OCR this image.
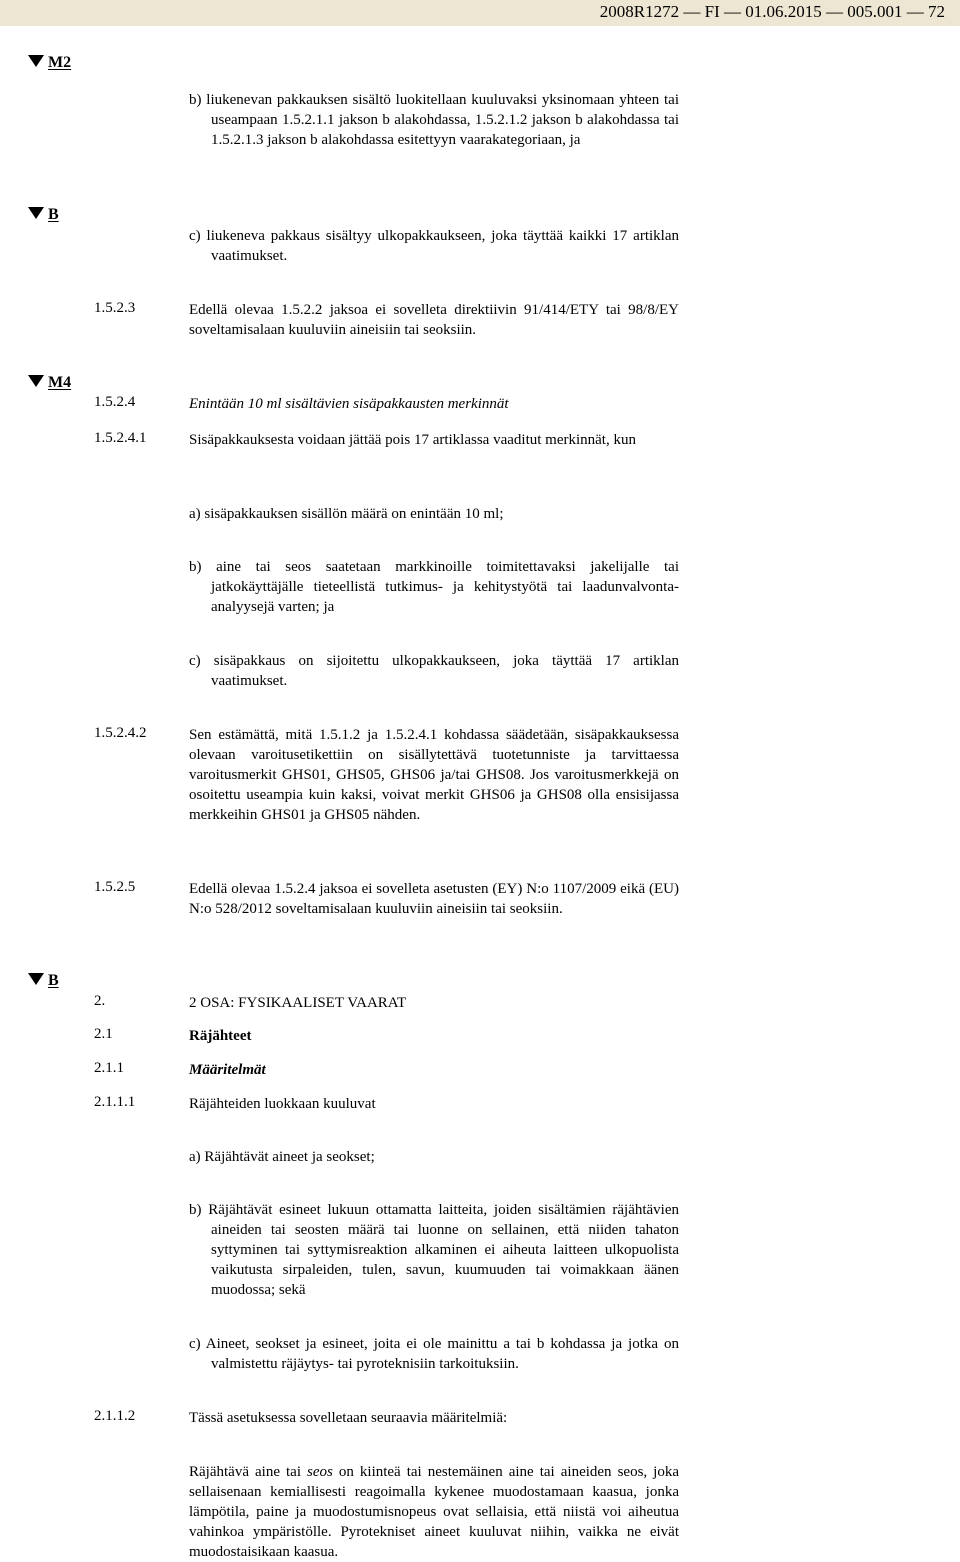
2008R1272 — FI — 01.06.2015 — 005.001 — 72
M2
b) liukenevan pakkauksen sisältö luokitellaan kuuluvaksi yksinomaan yhteen tai useampaan 1.5.2.1.1 jakson b alakohdassa, 1.5.2.1.2 jakson b alakohdassa tai 1.5.2.1.3 jakson b alakohdassa esitettyyn vaarakategoriaan, ja
B
c) liukeneva pakkaus sisältyy ulkopakkaukseen, joka täyttää kaikki 17 artiklan vaatimukset.
1.5.2.3	Edellä olevaa 1.5.2.2 jaksoa ei sovelleta direktiivin 91/414/ETY tai 98/8/EY soveltamisalaan kuuluviin aineisiin tai seoksiin.
M4
1.5.2.4	Enintään 10 ml sisältävien sisäpakkausten merkinnät
1.5.2.4.1	Sisäpakkauksesta voidaan jättää pois 17 artiklassa vaaditut merkinnät, kun
a) sisäpakkauksen sisällön määrä on enintään 10 ml;
b) aine tai seos saatetaan markkinoille toimitettavaksi jakelijalle tai jatkokäyttäjälle tieteellistä tutkimus- ja kehitystyötä tai laadunvalvonta-analyysejä varten; ja
c) sisäpakkaus on sijoitettu ulkopakkaukseen, joka täyttää 17 artiklan vaatimukset.
1.5.2.4.2	Sen estämättä, mitä 1.5.1.2 ja 1.5.2.4.1 kohdassa säädetään, sisäpakkauksessa olevaan varoitusetikettiin on sisällytettävä tuotetunniste ja tarvittaessa varoitusmerkit GHS01, GHS05, GHS06 ja/tai GHS08. Jos varoitusmerkkejä on osoitettu useampia kuin kaksi, voivat merkit GHS06 ja GHS08 olla ensisijassa merkkeihin GHS01 ja GHS05 nähden.
1.5.2.5	Edellä olevaa 1.5.2.4 jaksoa ei sovelleta asetusten (EY) N:o 1107/2009 eikä (EU) N:o 528/2012 soveltamisalaan kuuluviin aineisiin tai seoksiin.
B
2.	2 OSA: FYSIKAALISET VAARAT
2.1	Räjähteet
2.1.1	Määritelmät
2.1.1.1	Räjähteiden luokkaan kuuluvat
a) Räjähtävät aineet ja seokset;
b) Räjähtävät esineet lukuun ottamatta laitteita, joiden sisältämien räjähtävien aineiden tai seosten määrä tai luonne on sellainen, että niiden tahaton syttyminen tai syttymisreaktion alkaminen ei aiheuta laitteen ulkopuolista vaikutusta sirpaleiden, tulen, savun, kuumuuden tai voimakkaan äänen muodossa; sekä
c) Aineet, seokset ja esineet, joita ei ole mainittu a tai b kohdassa ja jotka on valmistettu räjäytys- tai pyroteknisiin tarkoituksiin.
2.1.1.2	Tässä asetuksessa sovelletaan seuraavia määritelmiä:
Räjähtävä aine tai seos on kiinteä tai nestemäinen aine tai aineiden seos, joka sellaisenaan kemiallisesti reagoimalla kykenee muodostamaan kaasua, jonka lämpötila, paine ja muodostumisnopeus ovat sellaisia, että niistä voi aiheutua vahinkoa ympäristölle. Pyrotekniset aineet kuuluvat niihin, vaikka ne eivät muodostaisikaan kaasua.
